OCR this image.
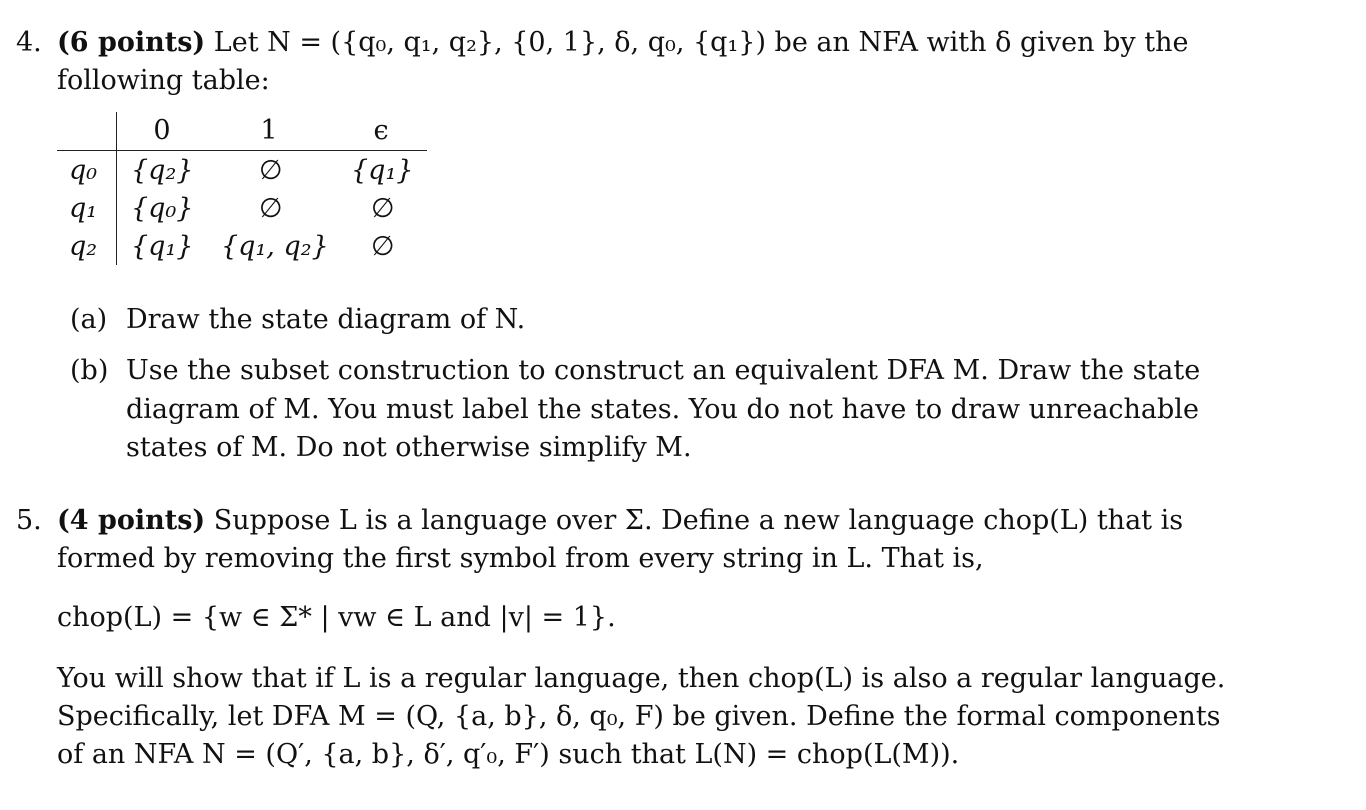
4. (6 points) Let N = ({q₀, q₁, q₂}, {0, 1}, δ, q₀, {q₁}) be an NFA with δ given by the
following table:
0	1	ϵ
q₀ {q₂} ∅	{q₁}
q₁ {q₀} ∅	∅
q₂ {q₁} {q₁, q₂} ∅
(a) Draw the state diagram of N.
(b) Use the subset construction to construct an equivalent DFA M. Draw the state
diagram of M. You must label the states. You do not have to draw unreachable
states of M. Do not otherwise simplify M.
5. (4 points) Suppose L is a language over Σ. Define a new language chop(L) that is
formed by removing the first symbol from every string in L. That is,
chop(L) = {w ∈ Σ* | vw ∈ L and |v| = 1}.
You will show that if L is a regular language, then chop(L) is also a regular language.
Specifically, let DFA M = (Q, {a, b}, δ, q₀, F) be given. Define the formal components
of an NFA N = (Q′, {a, b}, δ′, q′₀, F′) such that L(N) = chop(L(M)).
